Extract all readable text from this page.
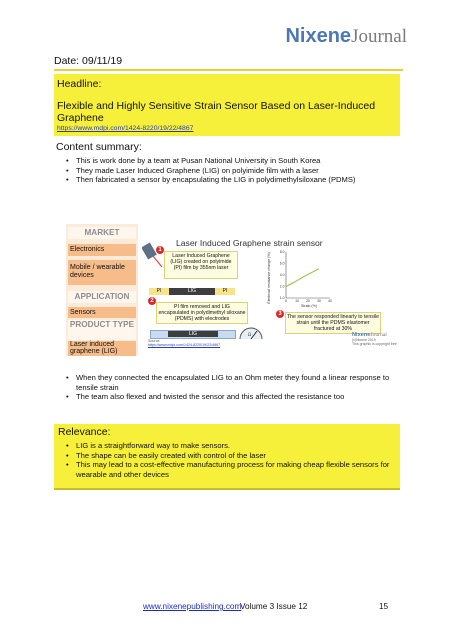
NixeneJournal
Date: 09/11/19
Headline:
Flexible and Highly Sensitive Strain Sensor Based on Laser-Induced Graphene
https://www.mdpi.com/1424-8220/19/22/4867
Content summary:
• This is work done by a team at Pusan National University in South Korea
• They made Laser Induced Graphene (LIG) on polyimide film with a laser
• Then fabricated a sensor by encapsulating the LIG in polydimethylsiloxane (PDMS)
MARKET
Electronics
Mobile / wearable devices
APPLICATION
Sensors
PRODUCT TYPE
Laser induced graphene (LIG)
Laser Induced Graphene strain sensor
1
Laser Induced Graphene (LIG) created on polyimide (PI) film by 355nm laser
PI	LIG	PI
2
PI film removed and LIG encapsulated in polydimethyl siloxane (PDMS) with electrodes
LIG	Ω
Source:
https://www.mdpi.com/1424-8220/19/22/4867
Electrical resistance change (%)	0 10 20 30 40
1.0
2.0
4.0
6.0
8.0
Strain (%)
3	The sensor responded linearly to tensile strain until the PDMS elastomer fractured at 30%
NixeneJournal
(c)Nixene 2019
This graphic is copyright free
• When they connected the encapsulated LIG to an Ohm meter they found a linear response to tensile strain
• The team also flexed and twisted the sensor and this affected the resistance too
Relevance:
• LIG is a straightforward way to make sensors.
• The shape can be easily created with control of the laser
• This may lead to a cost-effective manufacturing process for making cheap flexible sensors for wearable and other devices
www.nixenepublishing.com
Volume 3 Issue 12	15
